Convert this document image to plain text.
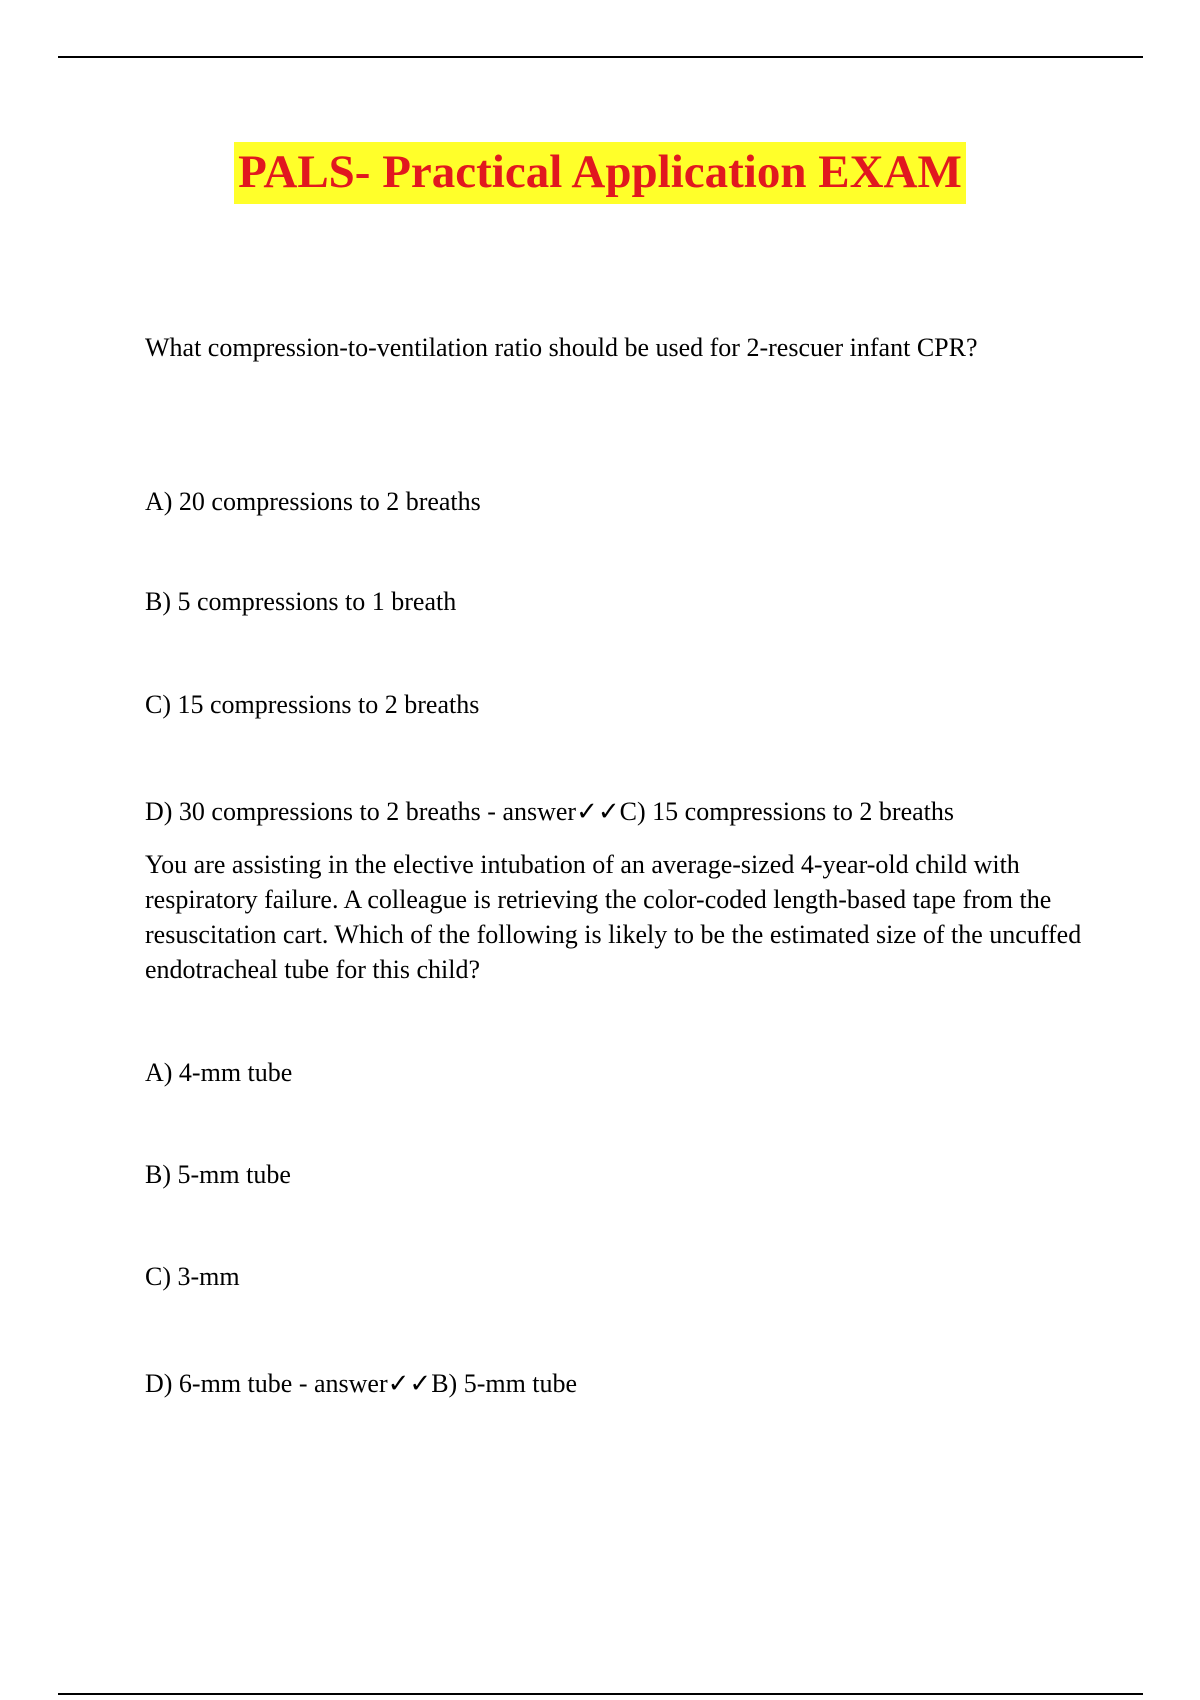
PALS- Practical Application EXAM
What compression-to-ventilation ratio should be used for 2-rescuer infant CPR?
A) 20 compressions to 2 breaths
B) 5 compressions to 1 breath
C) 15 compressions to 2 breaths
D) 30 compressions to 2 breaths - answer✓✓C) 15 compressions to 2 breaths
You are assisting in the elective intubation of an average-sized 4-year-old child with respiratory failure. A colleague is retrieving the color-coded length-based tape from the resuscitation cart. Which of the following is likely to be the estimated size of the uncuffed endotracheal tube for this child?
A) 4-mm tube
B) 5-mm tube
C) 3-mm
D) 6-mm tube - answer✓✓B) 5-mm tube
